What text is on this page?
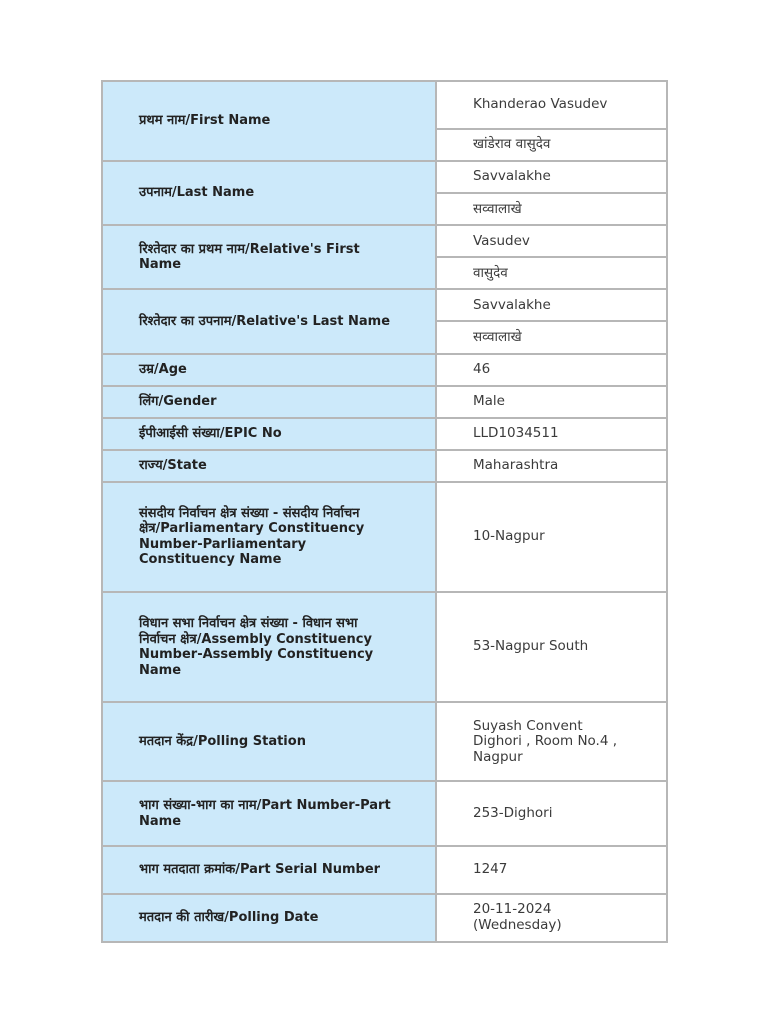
प्रथम नाम/First Name	Khanderao Vasudev
	खांडेराव वासुदेव
उपनाम/Last Name	Savvalakhe
	सव्वालाखे
रिश्तेदार का प्रथम नाम/Relative's First Name	Vasudev
	वासुदेव
रिश्तेदार का उपनाम/Relative's Last Name	Savvalakhe
	सव्वालाखे
उम्र/Age	46
लिंग/Gender	Male
ईपीआईसी संख्या/EPIC No	LLD1034511
राज्य/State	Maharashtra
संसदीय निर्वाचन क्षेत्र संख्या - संसदीय निर्वाचन क्षेत्र/Parliamentary Constituency Number-Parliamentary Constituency Name	10-Nagpur
विधान सभा निर्वाचन क्षेत्र संख्या - विधान सभा निर्वाचन क्षेत्र/Assembly Constituency Number-Assembly Constituency Name	53-Nagpur South
मतदान केंद्र/Polling Station	Suyash Convent Dighori , Room No.4 , Nagpur
भाग संख्या-भाग का नाम/Part Number-Part Name	253-Dighori
भाग मतदाता क्रमांक/Part Serial Number	1247
मतदान की तारीख/Polling Date	20-11-2024 (Wednesday)
